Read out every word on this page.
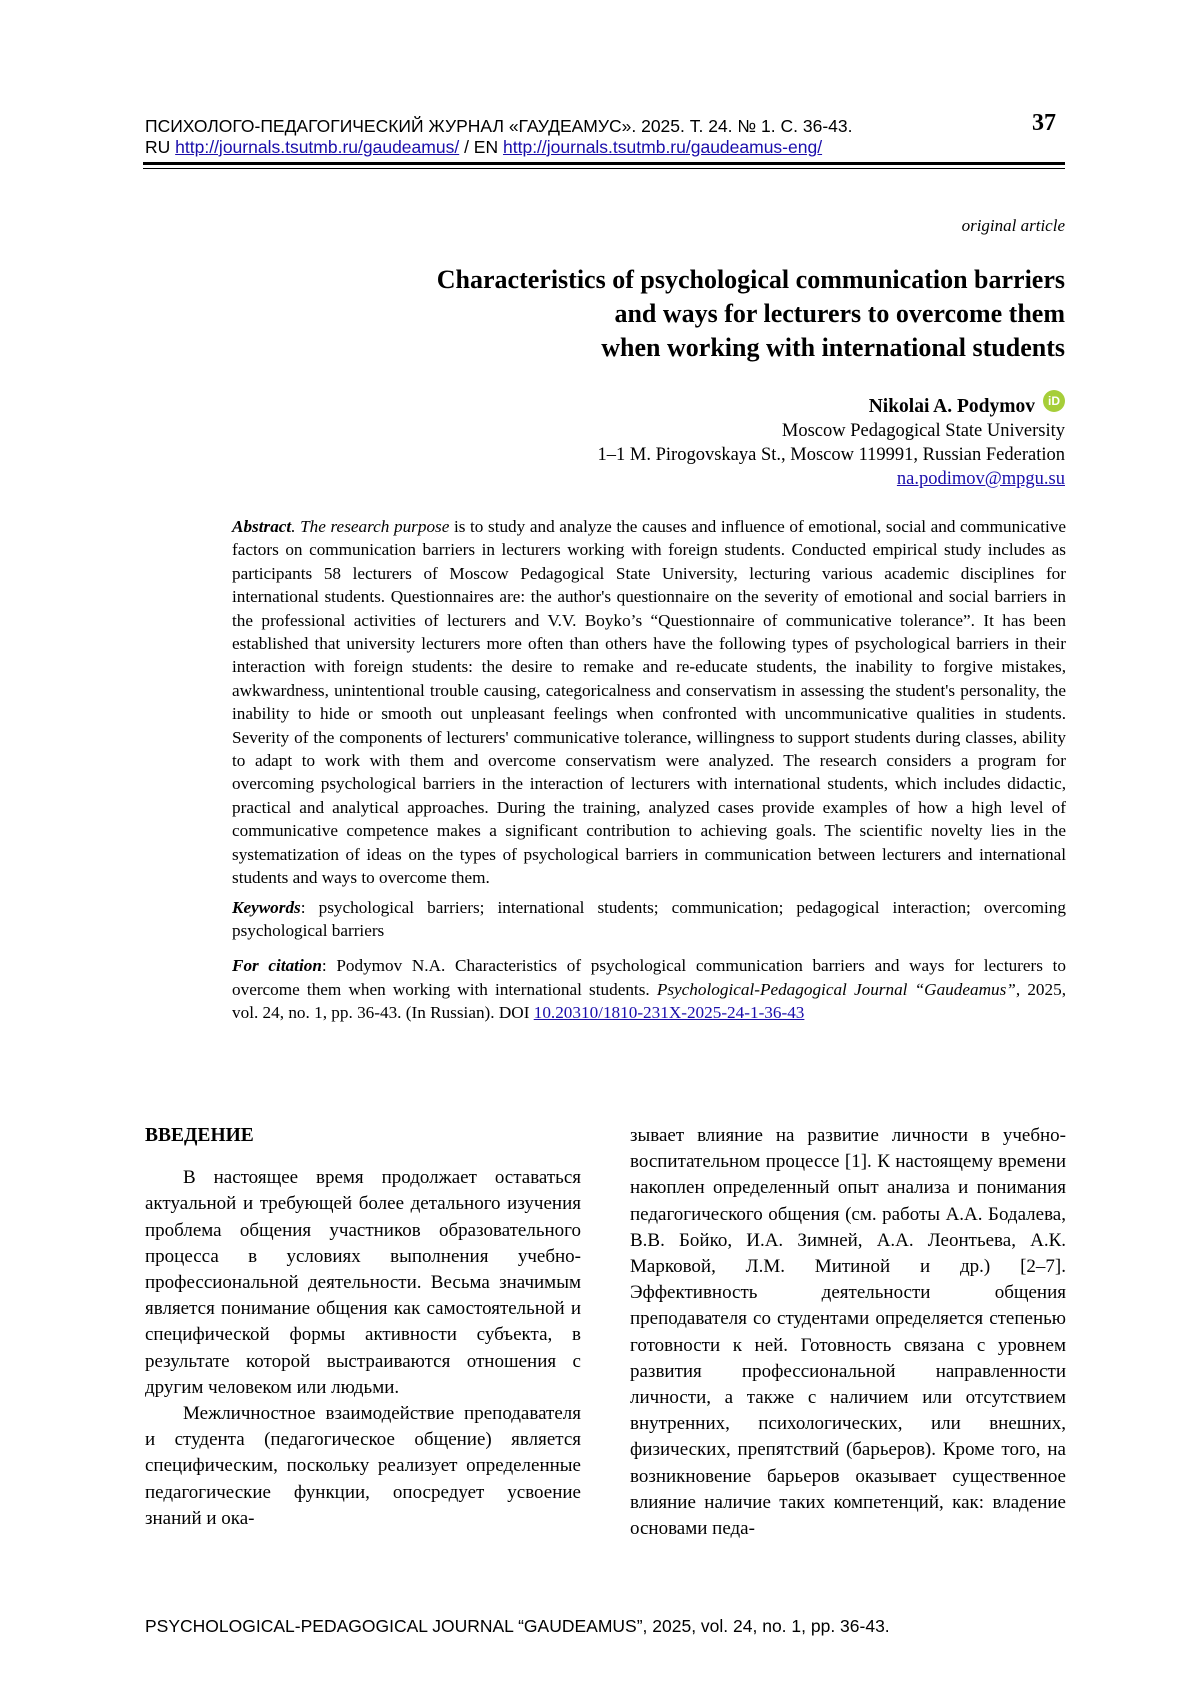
ПСИХОЛОГО-ПЕДАГОГИЧЕСКИЙ ЖУРНАЛ «ГАУДЕАМУС». 2025. Т. 24. № 1. С. 36-43.
RU http://journals.tsutmb.ru/gaudeamus/ / EN http://journals.tsutmb.ru/gaudeamus-eng/
37
original article
Characteristics of psychological communication barriers
and ways for lecturers to overcome them
when working with international students
Nikolai A. Podymov	iD
Moscow Pedagogical State University
1–1 M. Pirogovskaya St., Moscow 119991, Russian Federation
na.podimov@mpgu.su

Abstract. The research purpose is to study and analyze the causes and influence of emotional, social and communicative factors on communication barriers in lecturers working with foreign students. Conducted empirical study includes as participants 58 lecturers of Moscow Pedagogical State University, lecturing various academic disciplines for international students. Questionnaires are: the author's questionnaire on the severity of emotional and social barriers in the professional activities of lecturers and V.V. Boyko’s “Questionnaire of communicative tolerance”. It has been established that university lecturers more often than others have the following types of psychological barriers in their interaction with foreign students: the desire to remake and re-educate students, the inability to forgive mistakes, awkwardness, unintentional trouble causing, categoricalness and conservatism in assessing the student's personality, the inability to hide or smooth out unpleasant feelings when confronted with uncommunicative qualities in students. Severity of the components of lecturers' communicative tolerance, willingness to support students during classes, ability to adapt to work with them and overcome conservatism were analyzed. The research considers a program for overcoming psychological barriers in the interaction of lecturers with international students, which includes didactic, practical and analytical approaches. During the training, analyzed cases provide examples of how a high level of communicative competence makes a significant contribution to achieving goals. The scientific novelty lies in the systematization of ideas on the types of psychological barriers in communication between lecturers and international students and ways to overcome them.

Keywords: psychological barriers; international students; communication; pedagogical interaction; overcoming psychological barriers

For citation: Podymov N.A. Characteristics of psychological communication barriers and ways for lecturers to overcome them when working with international students. Psychological-Pedagogical Journal “Gaudeamus”, 2025, vol. 24, no. 1, pp. 36-43. (In Russian). DOI 10.20310/1810-231X-2025-24-1-36-43

ВВЕДЕНИЕ

В настоящее время продолжает оставаться актуальной и требующей более детального изучения проблема общения участников образовательного процесса в условиях выполнения учебно-профессиональной деятельности. Весьма значимым является понимание общения как самостоятельной и специфической формы активности субъекта, в результате которой выстраиваются отношения с другим человеком или людьми.

Межличностное взаимодействие преподавателя и студента (педагогическое общение) является специфическим, поскольку реализует определенные педагогические функции, опосредует усвоение знаний и ока-

зывает влияние на развитие личности в учебно-воспитательном процессе [1]. К настоящему времени накоплен определенный опыт анализа и понимания педагогического общения (см. работы А.А. Бодалева, В.В. Бойко, И.А. Зимней, А.А. Леонтьева, А.К. Марковой, Л.М. Митиной и др.) [2–7]. Эффективность деятельности общения преподавателя со студентами определяется степенью готовности к ней. Готовность связана с уровнем развития профессиональной направленности личности, а также с наличием или отсутствием внутренних, психологических, или внешних, физических, препятствий (барьеров). Кроме того, на возникновение барьеров оказывает существенное влияние наличие таких компетенций, как: владение основами педа-

PSYCHOLOGICAL-PEDAGOGICAL JOURNAL “GAUDEAMUS”, 2025, vol. 24, no. 1, pp. 36-43.
